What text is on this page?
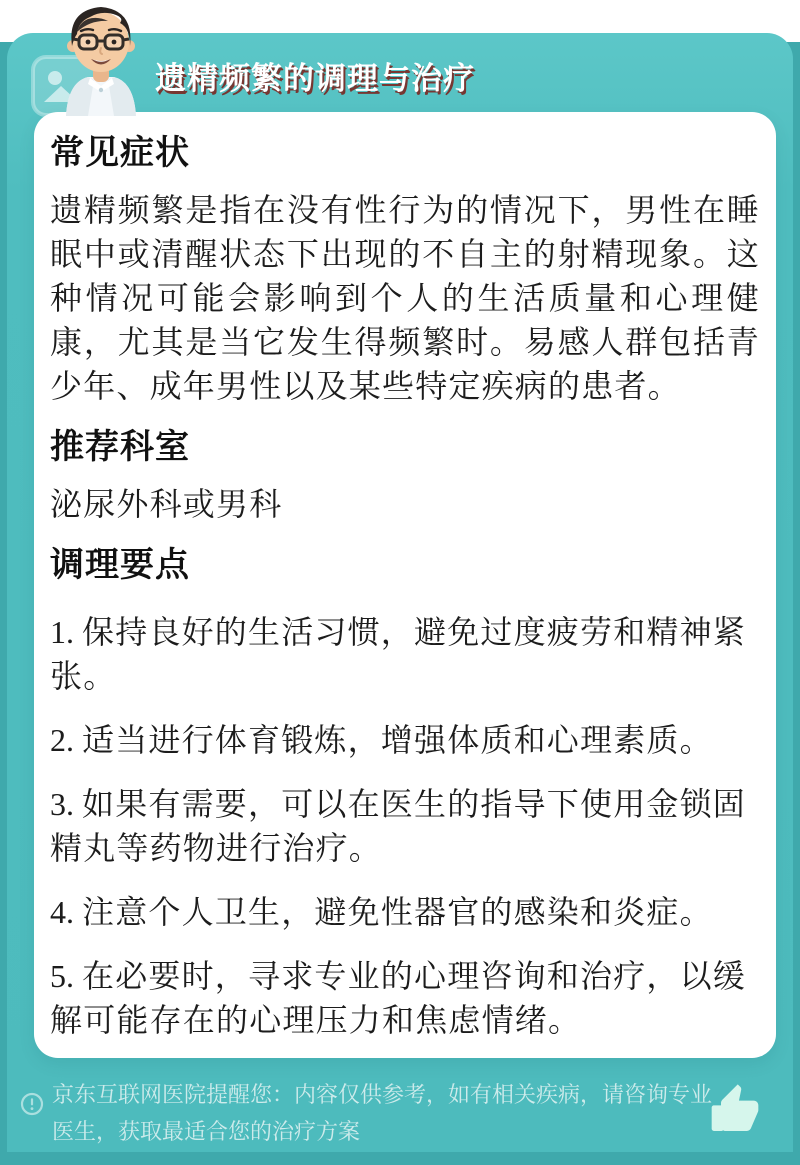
遗精频繁的调理与治疗
常见症状

遗精频繁是指在没有性行为的情况下，男性在睡眠中或清醒状态下出现的不自主的射精现象。这种情况可能会影响到个人的生活质量和心理健康，尤其是当它发生得频繁时。易感人群包括青少年、成年男性以及某些特定疾病的患者。

推荐科室

泌尿外科或男科

调理要点
1. 保持良好的生活习惯，避免过度疲劳和精神紧张。
2. 适当进行体育锻炼，增强体质和心理素质。
3. 如果有需要，可以在医生的指导下使用金锁固精丸等药物进行治疗。
4. 注意个人卫生，避免性器官的感染和炎症。
5. 在必要时，寻求专业的心理咨询和治疗，以缓解可能存在的心理压力和焦虑情绪。
京东互联网医院提醒您：内容仅供参考，如有相关疾病，请咨询专业医生，获取最适合您的治疗方案
